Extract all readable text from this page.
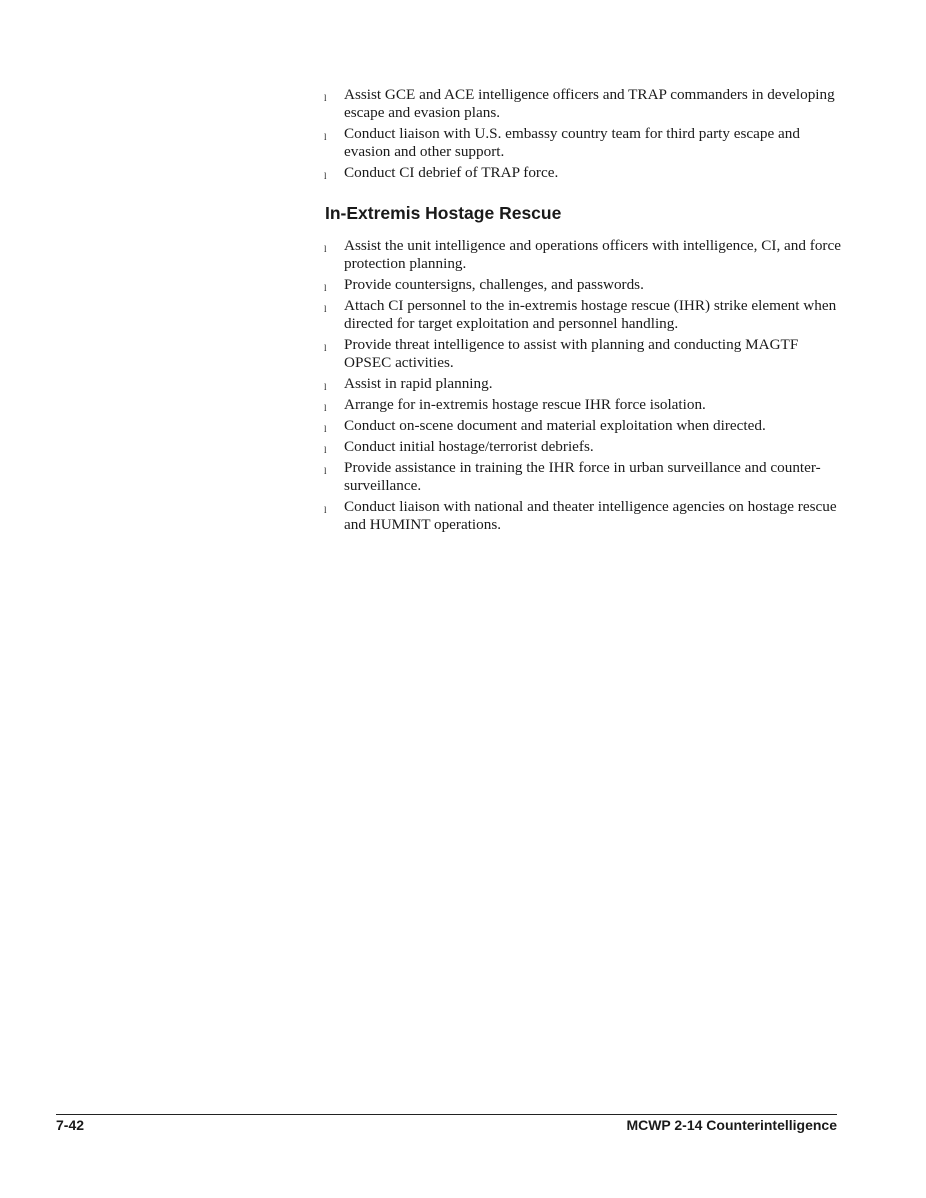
l Assist GCE and ACE intelligence officers and TRAP commanders in developing escape and evasion plans.
l Conduct liaison with U.S. embassy country team for third party escape and evasion and other support.
l Conduct CI debrief of TRAP force.
In-Extremis Hostage Rescue
l Assist the unit intelligence and operations officers with intelligence, CI, and force protection planning.
l Provide countersigns, challenges, and passwords.
l Attach CI personnel to the in-extremis hostage rescue (IHR) strike element when directed for target exploitation and personnel handling.
l Provide threat intelligence to assist with planning and conducting MAGTF OPSEC activities.
l Assist in rapid planning.
l Arrange for in-extremis hostage rescue IHR force isolation.
l Conduct on-scene document and material exploitation when directed.
l Conduct initial hostage/terrorist debriefs.
l Provide assistance in training the IHR force in urban surveillance and counter-surveillance.
l Conduct liaison with national and theater intelligence agencies on hostage rescue and HUMINT operations.
7-42	MCWP 2-14 Counterintelligence
